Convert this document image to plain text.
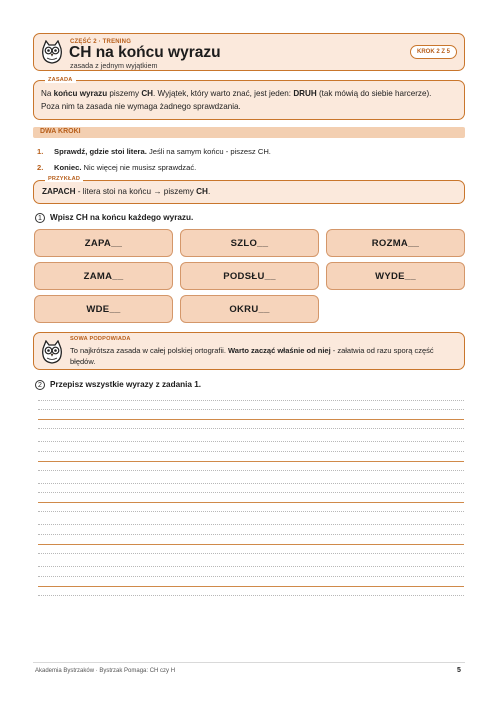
CZĘŚĆ 2 · TRENING
CH na końcu wyrazu
zasada z jednym wyjątkiem
KROK 2 Z 5
ZASADA
Na końcu wyrazu piszemy CH. Wyjątek, który warto znać, jest jeden: DRUH (tak mówią do siebie harcerze). Poza nim ta zasada nie wymaga żadnego sprawdzania.
DWA KROKI
1. Sprawdź, gdzie stoi litera. Jeśli na samym końcu - piszesz CH.
2. Koniec. Nic więcej nie musisz sprawdzać.
PRZYKŁAD
ZAPACH - litera stoi na końcu → piszemy CH.
1 Wpisz CH na końcu każdego wyrazu.
ZAPA__	SZLO__	ROZMA__
ZAMA__	PODSŁU__	WYDE__
WDE__	OKRU__
SOWA PODPOWIADA
To najkrótsza zasada w całej polskiej ortografii. Warto zacząć właśnie od niej - załatwia od razu sporą część błędów.
2 Przepisz wszystkie wyrazy z zadania 1.
Akademia Bystrzaków · Bystrzak Pomaga: CH czy H	5
